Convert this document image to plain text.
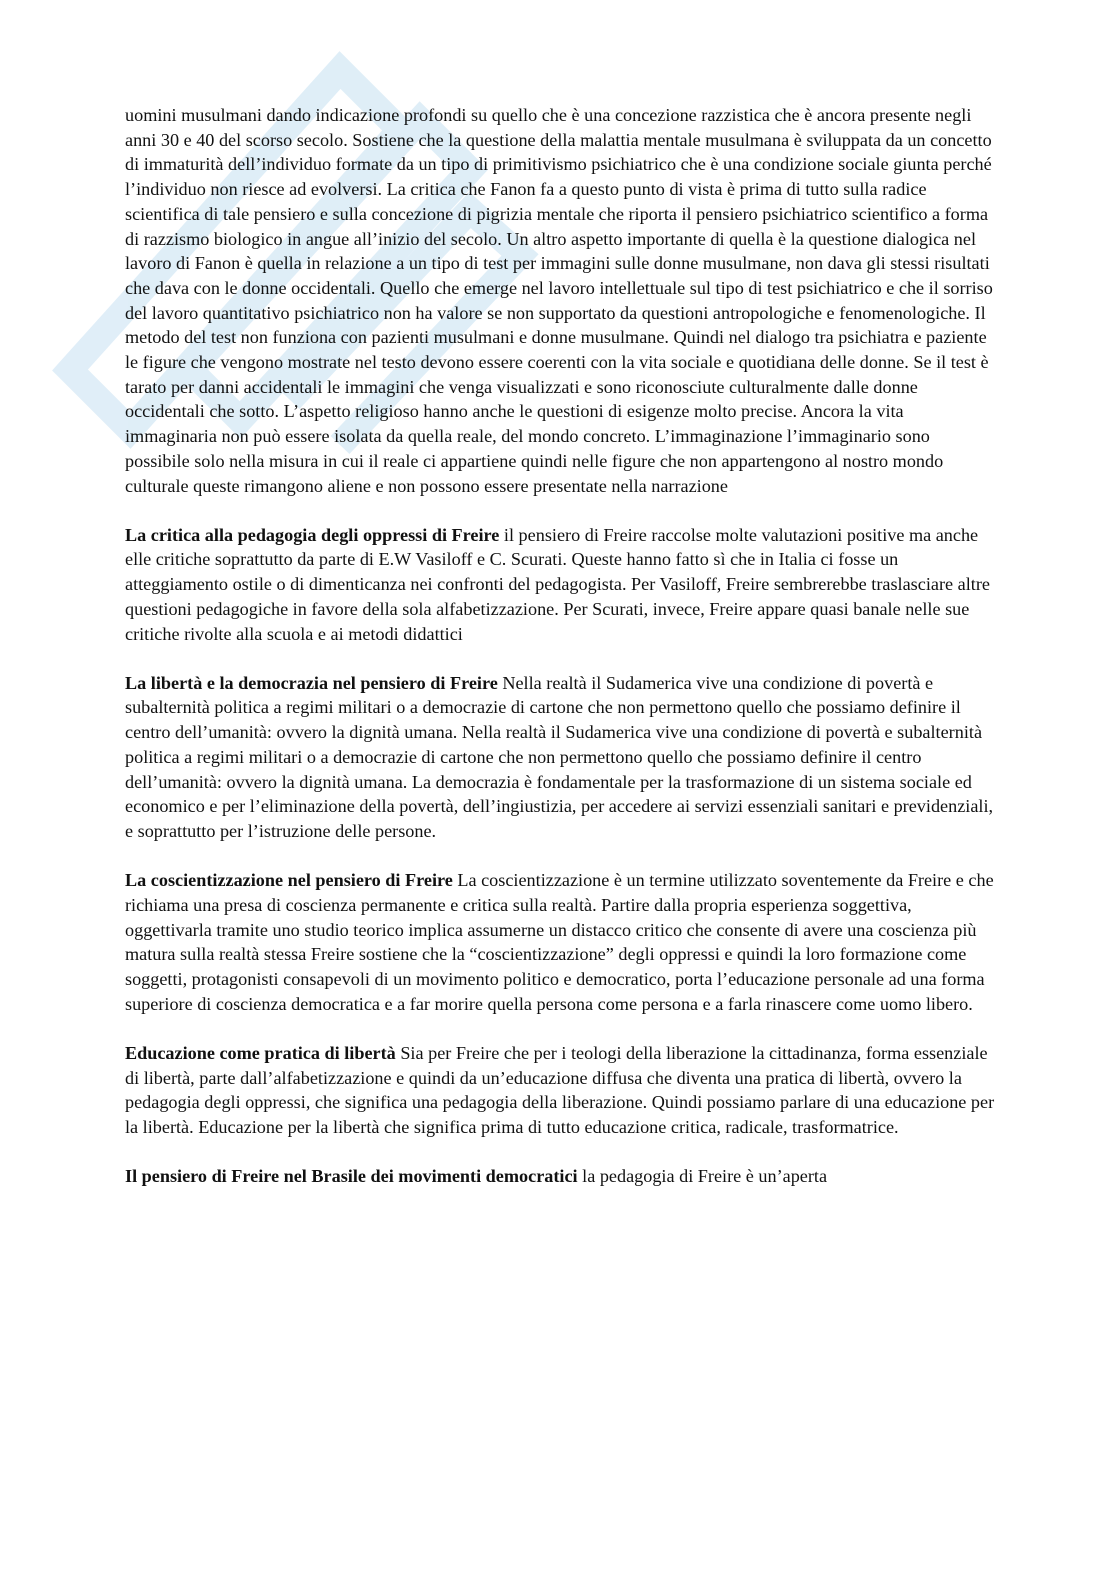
uomini musulmani dando indicazione profondi su quello che è una concezione razzistica che è ancora presente negli anni 30 e 40 del scorso secolo. Sostiene che la questione della malattia mentale musulmana è sviluppata da un concetto di immaturità dell’individuo formate da un tipo di primitivismo psichiatrico che è una condizione sociale giunta perché l’individuo non riesce ad evolversi. La critica che Fanon fa a questo punto di vista è prima di tutto sulla radice scientifica di tale pensiero e sulla concezione di pigrizia mentale che riporta il pensiero psichiatrico scientifico a forma di razzismo biologico in angue all’inizio del secolo. Un altro aspetto importante di quella è la questione dialogica nel lavoro di Fanon è quella in relazione a un tipo di test per immagini sulle donne musulmane, non dava gli stessi risultati che dava con le donne occidentali. Quello che emerge nel lavoro intellettuale sul tipo di test psichiatrico e che il sorriso del lavoro quantitativo psichiatrico non ha valore se non supportato da questioni antropologiche e fenomenologiche. Il metodo del test non funziona con pazienti musulmani e donne musulmane. Quindi nel dialogo tra psichiatra e paziente le figure che vengono mostrate nel testo devono essere coerenti con la vita sociale e quotidiana delle donne. Se il test è tarato per danni accidentali le immagini che venga visualizzati e sono riconosciute culturalmente dalle donne occidentali che sotto. L’aspetto religioso hanno anche le questioni di esigenze molto precise. Ancora la vita immaginaria non può essere isolata da quella reale, del mondo concreto. L’immaginazione l’immaginario sono possibile solo nella misura in cui il reale ci appartiene quindi nelle figure che non appartengono al nostro mondo culturale queste rimangono aliene e non possono essere presentate nella narrazione

La critica alla pedagogia degli oppressi di Freire il pensiero di Freire raccolse molte valutazioni positive ma anche elle critiche soprattutto da parte di E.W Vasiloff e C. Scurati. Queste hanno fatto sì che in Italia ci fosse un atteggiamento ostile o di dimenticanza nei confronti del pedagogista. Per Vasiloff, Freire sembrerebbe traslasciare altre questioni pedagogiche in favore della sola alfabetizzazione. Per Scurati, invece, Freire appare quasi banale nelle sue critiche rivolte alla scuola e ai metodi didattici

La libertà e la democrazia nel pensiero di Freire Nella realtà il Sudamerica vive una condizione di povertà e subalternità politica a regimi militari o a democrazie di cartone che non permettono quello che possiamo definire il centro dell’umanità: ovvero la dignità umana. Nella realtà il Sudamerica vive una condizione di povertà e subalternità politica a regimi militari o a democrazie di cartone che non permettono quello che possiamo definire il centro dell’umanità: ovvero la dignità umana. La democrazia è fondamentale per la trasformazione di un sistema sociale ed economico e per l’eliminazione della povertà, dell’ingiustizia, per accedere ai servizi essenziali sanitari e previdenziali, e soprattutto per l’istruzione delle persone.

La coscientizzazione nel pensiero di Freire La coscientizzazione è un termine utilizzato soventemente da Freire e che richiama una presa di coscienza permanente e critica sulla realtà. Partire dalla propria esperienza soggettiva, oggettivarla tramite uno studio teorico implica assumerne un distacco critico che consente di avere una coscienza più matura sulla realtà stessa Freire sostiene che la “coscientizzazione” degli oppressi e quindi la loro formazione come soggetti, protagonisti consapevoli di un movimento politico e democratico, porta l’educazione personale ad una forma superiore di coscienza democratica e a far morire quella persona come persona e a farla rinascere come uomo libero.

Educazione come pratica di libertà Sia per Freire che per i teologi della liberazione la cittadinanza, forma essenziale di libertà, parte dall’alfabetizzazione e quindi da un’educazione diffusa che diventa una pratica di libertà, ovvero la pedagogia degli oppressi, che significa una pedagogia della liberazione. Quindi possiamo parlare di una educazione per la libertà. Educazione per la libertà che significa prima di tutto educazione critica, radicale, trasformatrice.

Il pensiero di Freire nel Brasile dei movimenti democratici la pedagogia di Freire è un’aperta
